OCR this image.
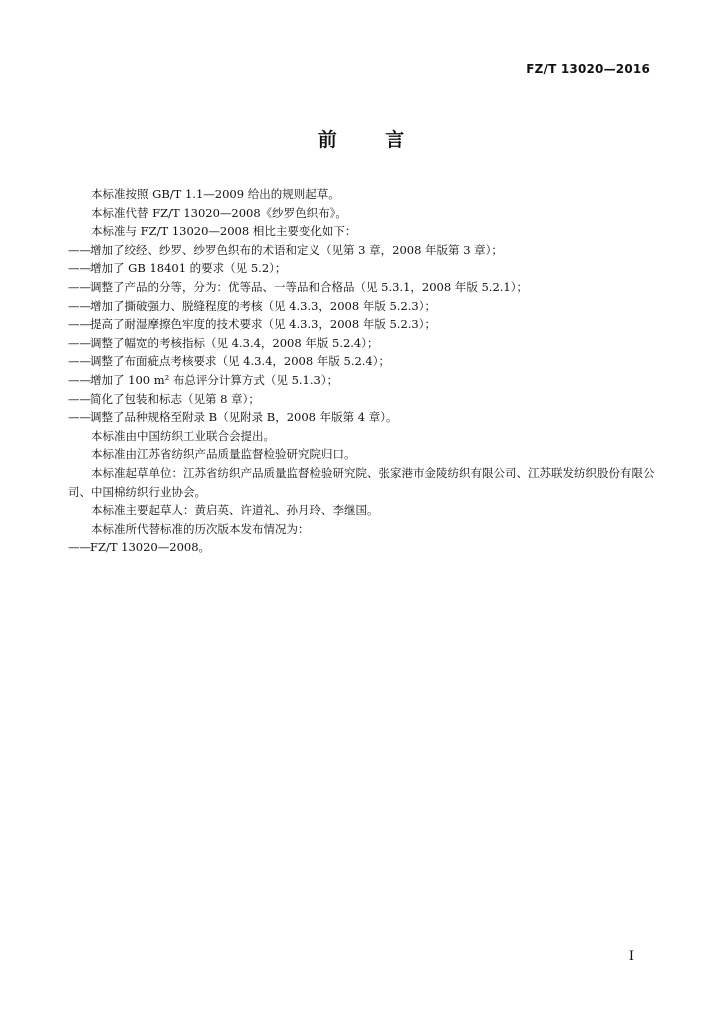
FZ/T 13020—2016
前 言

本标准按照 GB/T 1.1—2009 给出的规则起草。

本标准代替 FZ/T 13020—2008《纱罗色织布》。

本标准与 FZ/T 13020—2008 相比主要变化如下：

—— 增加了绞经、纱罗、纱罗色织布的术语和定义（见第 3 章，2008 年版第 3 章）；

—— 增加了 GB 18401 的要求（见 5.2）；

—— 调整了产品的分等，分为：优等品、一等品和合格品（见 5.3.1，2008 年版 5.2.1）；

—— 增加了撕破强力、脱缝程度的考核（见 4.3.3，2008 年版 5.2.3）；

—— 提高了耐湿摩擦色牢度的技术要求（见 4.3.3，2008 年版 5.2.3）；

—— 调整了幅宽的考核指标（见 4.3.4，2008 年版 5.2.4）；

—— 调整了布面疵点考核要求（见 4.3.4，2008 年版 5.2.4）；

—— 增加了 100 m² 布总评分计算方式（见 5.1.3）；

—— 简化了包装和标志（见第 8 章）；

—— 调整了品种规格至附录 B（见附录 B，2008 年版第 4 章）。

本标准由中国纺织工业联合会提出。

本标准由江苏省纺织产品质量监督检验研究院归口。

本标准起草单位：江苏省纺织产品质量监督检验研究院、张家港市金陵纺织有限公司、江苏联发纺织股份有限公司、中国棉纺织行业协会。

本标准主要起草人：黄启英、许道礼、孙月玲、李继国。

本标准所代替标准的历次版本发布情况为：

—— FZ/T 13020—2008。

I
